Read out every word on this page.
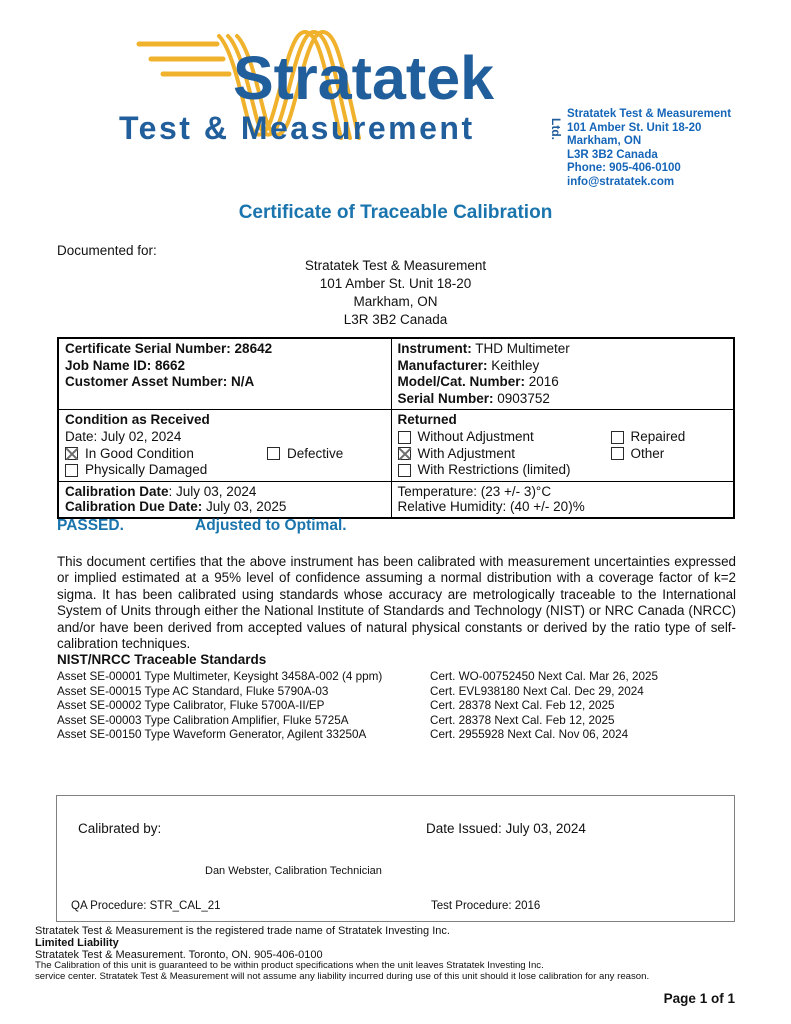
Stratatek
Test & Measurement	Ltd.
Stratatek Test & Measurement
101 Amber St. Unit 18-20
Markham, ON
L3R 3B2 Canada
Phone: 905-406-0100
info@stratatek.com
Certificate of Traceable Calibration
Documented for:
Stratatek Test & Measurement
101 Amber St. Unit 18-20
Markham, ON
L3R 3B2 Canada
Certificate Serial Number: 28642
Job Name ID: 8662
Customer Asset Number: N/A

Instrument: THD Multimeter
Manufacturer: Keithley
Model/Cat. Number: 2016
Serial Number: 0903752

Condition as Received
Date: July 02, 2024
In Good Condition	Defective
Physically Damaged

Returned
Without Adjustment	Repaired
With Adjustment	Other
With Restrictions (limited)

Calibration Date: July 03, 2024
Calibration Due Date: July 03, 2025

Temperature: (23 +/- 3)°C
Relative Humidity: (40 +/- 20)%
PASSED.	Adjusted to Optimal.
This document certifies that the above instrument has been calibrated with measurement uncertainties expressed or implied estimated at a 95% level of confidence assuming a normal distribution with a coverage factor of k=2 sigma. It has been calibrated using standards whose accuracy are metrologically traceable to the International System of Units through either the National Institute of Standards and Technology (NIST) or NRC Canada (NRCC) and/or have been derived from accepted values of natural physical constants or derived by the ratio type of self-calibration techniques.
NIST/NRCC Traceable Standards
Asset SE-00001 Type Multimeter, Keysight 3458A-002 (4 ppm)	Cert. WO-00752450 Next Cal. Mar 26, 2025
Asset SE-00015 Type AC Standard, Fluke 5790A-03	Cert. EVL938180 Next Cal. Dec 29, 2024
Asset SE-00002 Type Calibrator, Fluke 5700A-II/EP	Cert. 28378 Next Cal. Feb 12, 2025
Asset SE-00003 Type Calibration Amplifier, Fluke 5725A	Cert. 28378 Next Cal. Feb 12, 2025
Asset SE-00150 Type Waveform Generator, Agilent 33250A	Cert. 2955928 Next Cal. Nov 06, 2024
Calibrated by:	Date Issued: July 03, 2024
Dan Webster, Calibration Technician
QA Procedure: STR_CAL_21	Test Procedure: 2016
Stratatek Test & Measurement is the registered trade name of Stratatek Investing Inc.
Limited Liability
Stratatek Test & Measurement. Toronto, ON. 905-406-0100
The Calibration of this unit is guaranteed to be within product specifications when the unit leaves Stratatek Investing Inc.
service center. Stratatek Test & Measurement will not assume any liability incurred during use of this unit should it lose calibration for any reason.
Page 1 of 1
